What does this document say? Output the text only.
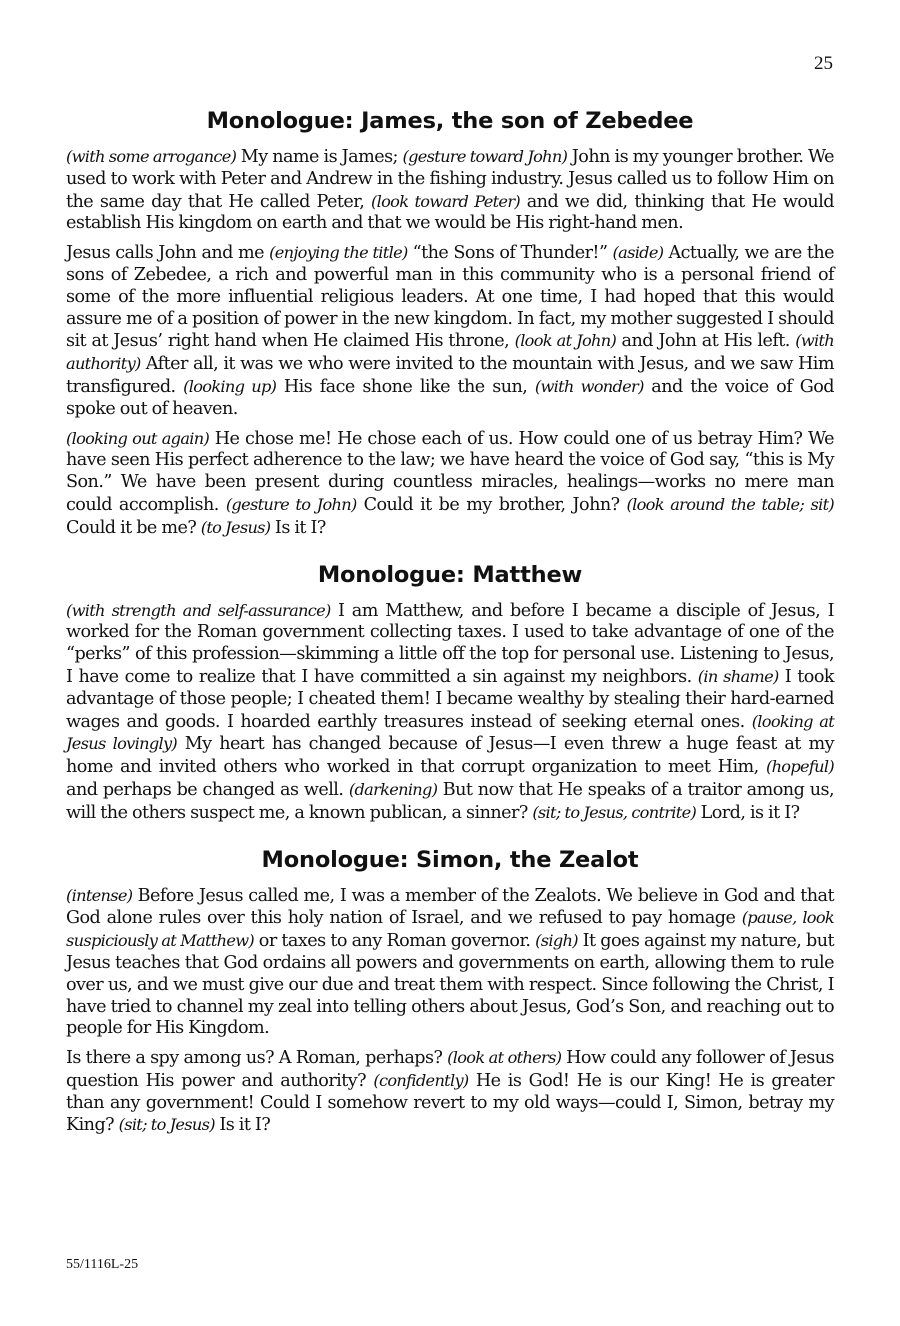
25
Monologue: James, the son of Zebedee

(with some arrogance) My name is James; (gesture toward John) John is my younger brother. We used to work with Peter and Andrew in the fishing industry. Jesus called us to follow Him on the same day that He called Peter, (look toward Peter) and we did, thinking that He would establish His kingdom on earth and that we would be His right-hand men.

Jesus calls John and me (enjoying the title) “the Sons of Thunder!” (aside) Actually, we are the sons of Zebedee, a rich and powerful man in this community who is a personal friend of some of the more influential religious leaders. At one time, I had hoped that this would assure me of a position of power in the new kingdom. In fact, my mother suggested I should sit at Jesus’ right hand when He claimed His throne, (look at John) and John at His left. (with authority) After all, it was we who were invited to the mountain with Jesus, and we saw Him transfigured. (looking up) His face shone like the sun, (with wonder) and the voice of God spoke out of heaven.

(looking out again) He chose me! He chose each of us. How could one of us betray Him? We have seen His perfect adherence to the law; we have heard the voice of God say, “this is My Son.” We have been present during countless miracles, healings—works no mere man could accomplish. (gesture to John) Could it be my brother, John? (look around the table; sit) Could it be me? (to Jesus) Is it I?

Monologue: Matthew

(with strength and self-assurance) I am Matthew, and before I became a disciple of Jesus, I worked for the Roman government collecting taxes. I used to take advantage of one of the “perks” of this profession—skimming a little off the top for personal use. Listening to Jesus, I have come to realize that I have committed a sin against my neighbors. (in shame) I took advantage of those people; I cheated them! I became wealthy by stealing their hard-earned wages and goods. I hoarded earthly treasures instead of seeking eternal ones. (looking at Jesus lovingly) My heart has changed because of Jesus—I even threw a huge feast at my home and invited others who worked in that corrupt organization to meet Him, (hopeful) and perhaps be changed as well. (darkening) But now that He speaks of a traitor among us, will the others suspect me, a known publican, a sinner? (sit; to Jesus, contrite) Lord, is it I?

Monologue: Simon, the Zealot

(intense) Before Jesus called me, I was a member of the Zealots. We believe in God and that God alone rules over this holy nation of Israel, and we refused to pay homage (pause, look suspiciously at Matthew) or taxes to any Roman governor. (sigh) It goes against my nature, but Jesus teaches that God ordains all powers and governments on earth, allowing them to rule over us, and we must give our due and treat them with respect. Since following the Christ, I have tried to channel my zeal into telling others about Jesus, God’s Son, and reaching out to people for His Kingdom.

Is there a spy among us? A Roman, perhaps? (look at others) How could any follower of Jesus question His power and authority? (confidently) He is God! He is our King! He is greater than any government! Could I somehow revert to my old ways—could I, Simon, betray my King? (sit; to Jesus) Is it I?

55/1116L-25
